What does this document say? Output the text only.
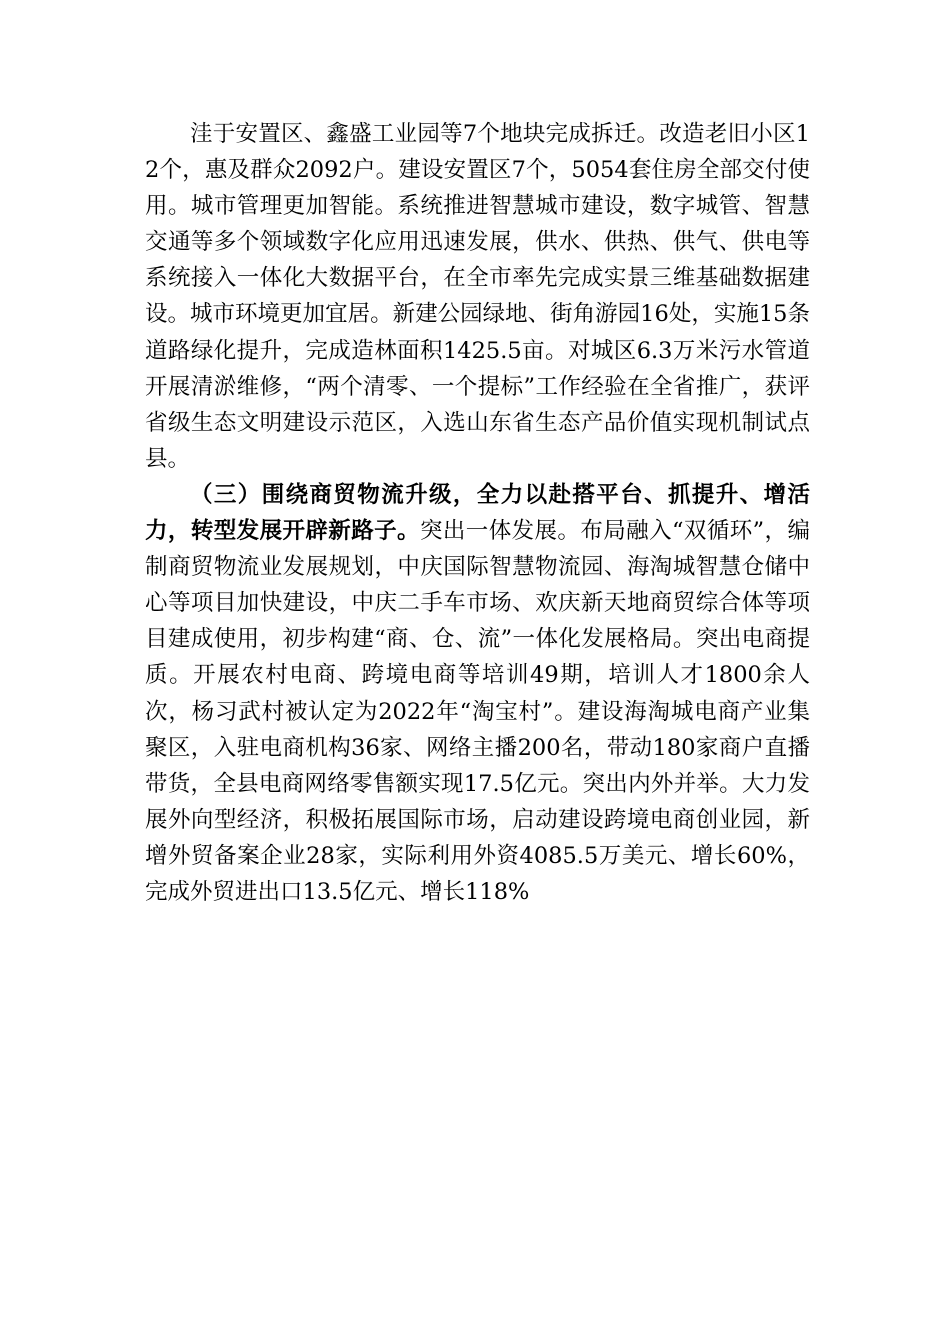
洼于安置区、鑫盛工业园等7个地块完成拆迁。改造老旧小区12个，惠及群众2092户。建设安置区7个，5054套住房全部交付使用。城市管理更加智能。系统推进智慧城市建设，数字城管、智慧交通等多个领域数字化应用迅速发展，供水、供热、供气、供电等系统接入一体化大数据平台，在全市率先完成实景三维基础数据建设。城市环境更加宜居。新建公园绿地、街角游园16处，实施15条道路绿化提升，完成造林面积1425.5亩。对城区6.3万米污水管道开展清淤维修，“两个清零、一个提标”工作经验在全省推广，获评省级生态文明建设示范区，入选山东省生态产品价值实现机制试点县。

（三）围绕商贸物流升级，全力以赴搭平台、抓提升、增活力，转型发展开辟新路子。突出一体发展。布局融入“双循环”，编制商贸物流业发展规划，中庆国际智慧物流园、海淘城智慧仓储中心等项目加快建设，中庆二手车市场、欢庆新天地商贸综合体等项目建成使用，初步构建“商、仓、流”一体化发展格局。突出电商提质。开展农村电商、跨境电商等培训49期，培训人才1800余人次，杨习武村被认定为2022年“淘宝村”。建设海淘城电商产业集聚区，入驻电商机构36家、网络主播200名，带动180家商户直播带货，全县电商网络零售额实现17.5亿元。突出内外并举。大力发展外向型经济，积极拓展国际市场，启动建设跨境电商创业园，新增外贸备案企业28家，实际利用外资4085.5万美元、增长60%，完成外贸进出口13.5亿元、增长118%
